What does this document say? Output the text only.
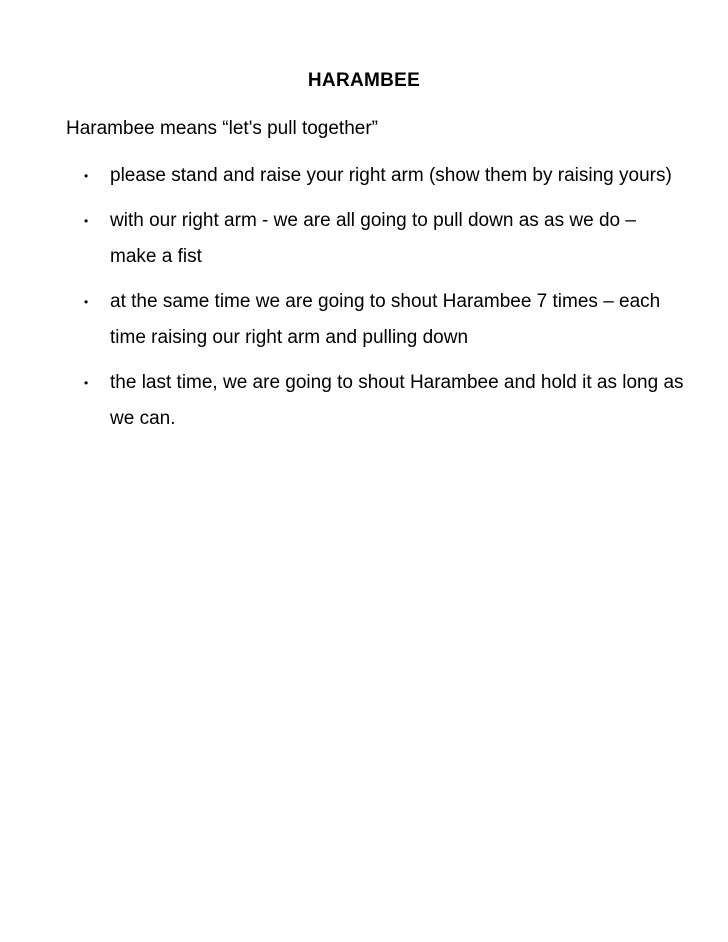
HARAMBEE
Harambee means “let's pull together”
• please stand and raise your right arm (show them by raising yours)
• with our right arm - we are all going to pull down as as we do – make a fist
• at the same time we are going to shout Harambee 7 times – each time raising our right arm and pulling down
• the last time, we are going to shout Harambee and hold it as long as we can.
